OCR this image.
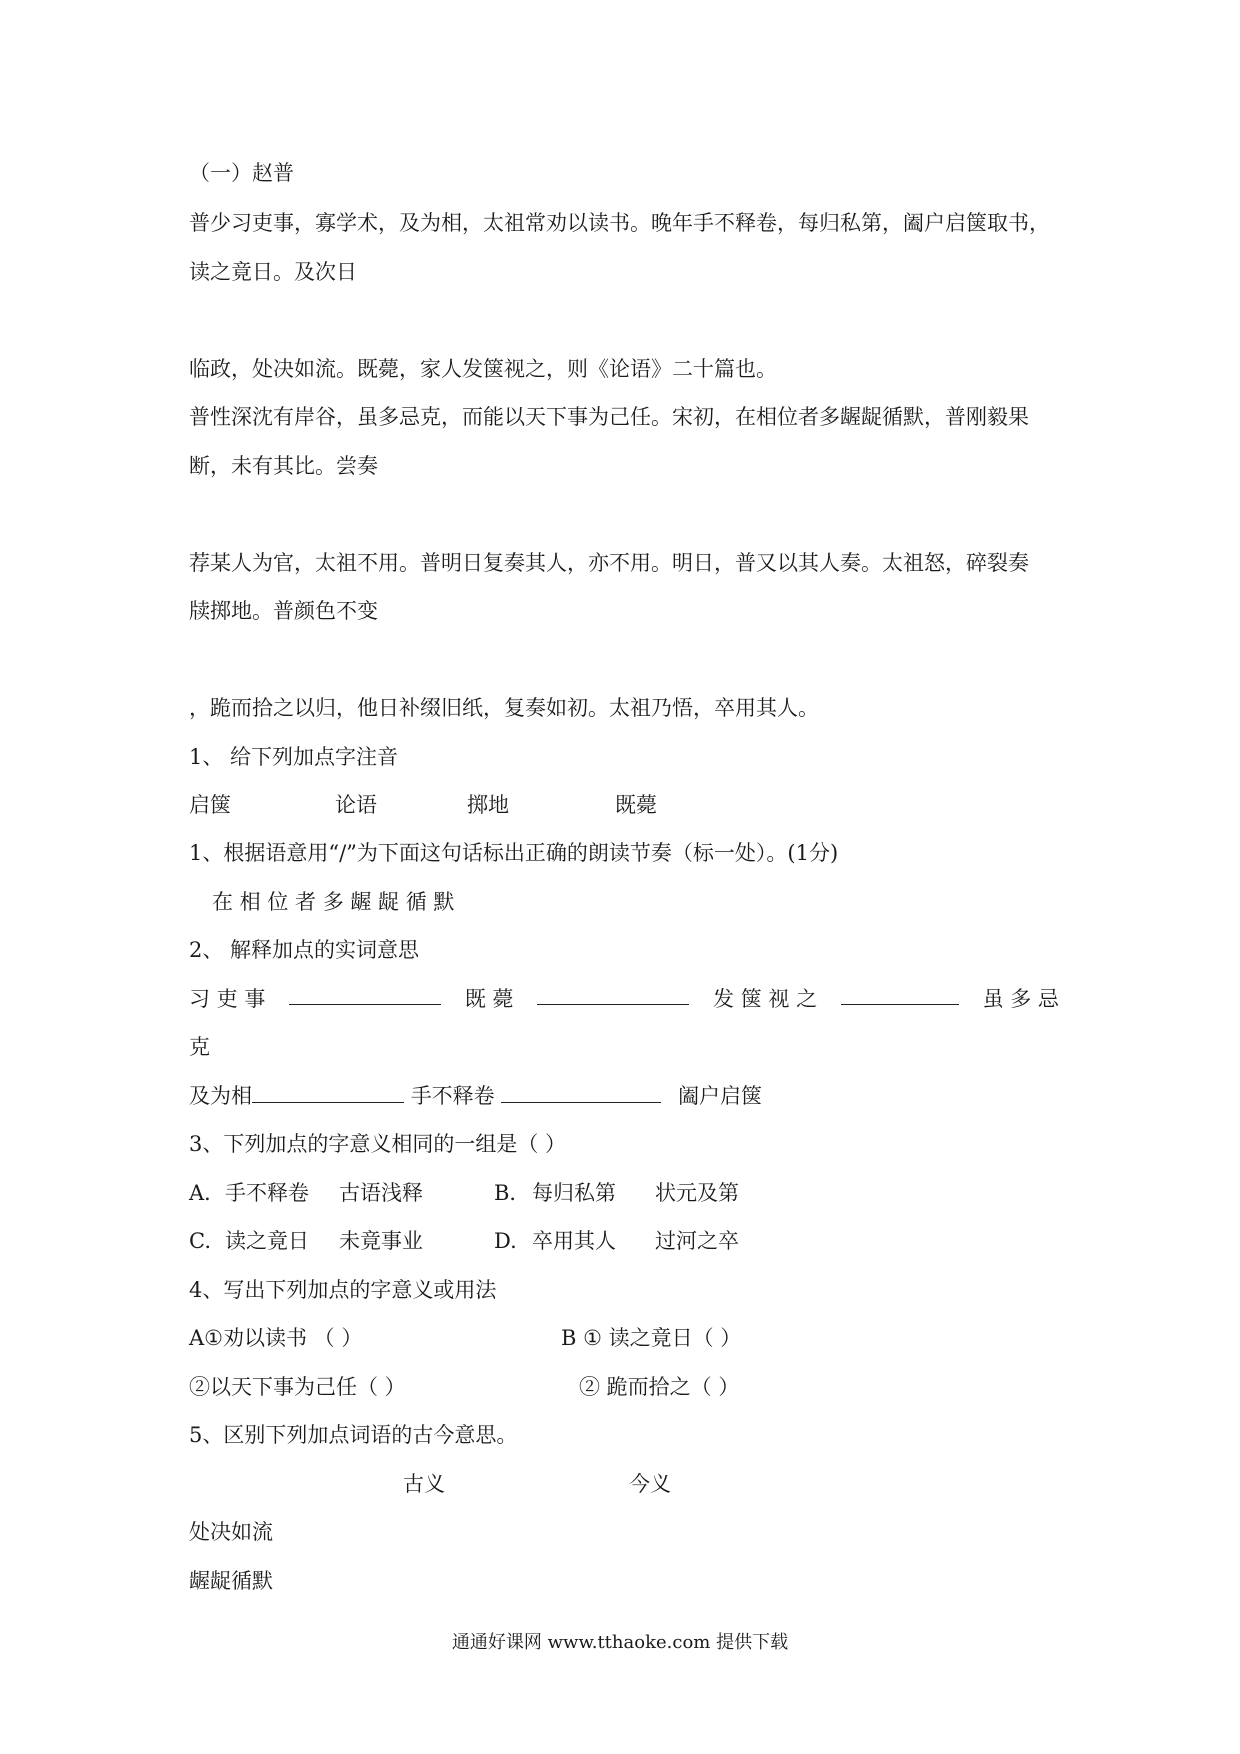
（一）赵普
普少习吏事，寡学术，及为相，太祖常劝以读书。晚年手不释卷，每归私第，阖户启箧取书，
读之竟日。及次日
临政，处决如流。既薨，家人发箧视之，则《论语》二十篇也。
普性深沈有岸谷，虽多忌克，而能以天下事为己任。宋初，在相位者多龌龊循默，普刚毅果
断，未有其比。尝奏
荐某人为官，太祖不用。普明日复奏其人，亦不用。明日，普又以其人奏。太祖怒，碎裂奏
牍掷地。普颜色不变
，跪而拾之以归，他日补缀旧纸，复奏如初。太祖乃悟，卒用其人。
1、 给下列加点字注音
启箧	论语	掷地	既薨
1、根据语意用“/”为下面这句话标出正确的朗读节奏（标一处）。(1分)
在 相 位 者 多 龌 龊 循 默
2、 解释加点的实词意思
习 吏 事	既 薨	发 箧 视 之	虽 多 忌
克
及为相	手不释卷	阖户启箧
3、下列加点的字意义相同的一组是（ ）
A． 手不释卷 古语浅释	B． 每归私第 状元及第
C. 读之竟日 未竟事业	D. 卒用其人 过河之卒
4、写出下列加点的字意义或用法
A①劝以读书 （ ）	B ① 读之竟日（ ）
②以天下事为己任（ ）	② 跪而拾之（ ）
5、区别下列加点词语的古今意思。
古义	今义
处决如流
龌龊循默
通通好课网 www.tthaoke.com 提供下载
